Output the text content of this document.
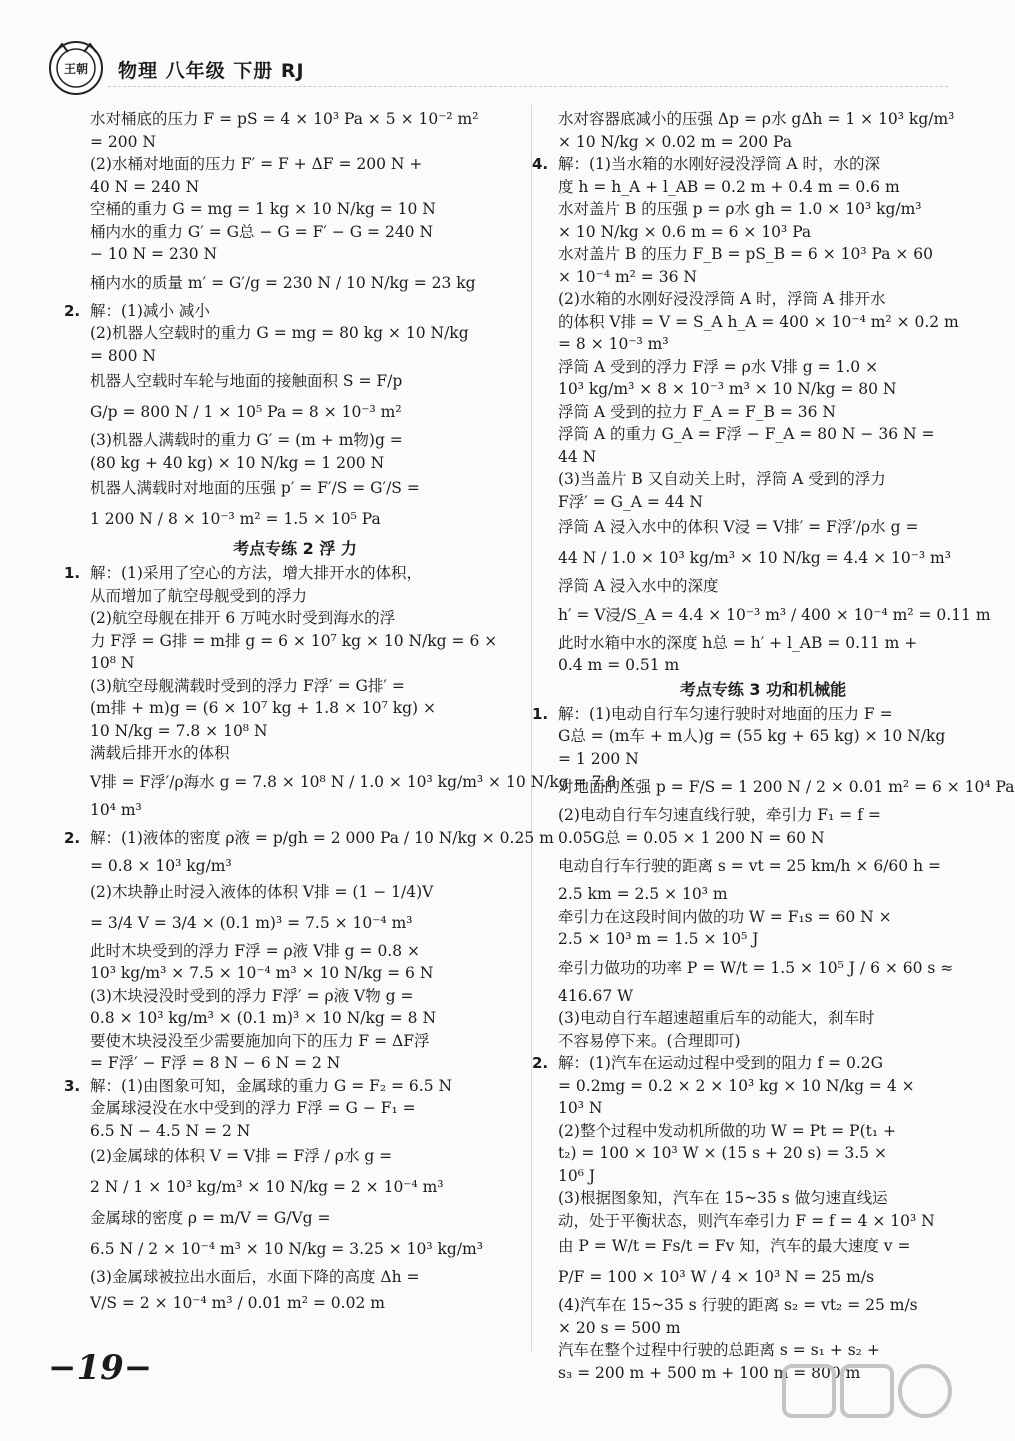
王朝 物理 八年级 下册 RJ
水对桶底的压力 F = pS = 4 × 10³ Pa × 5 × 10⁻² m²
= 200 N
(2)水桶对地面的压力 F′ = F + ΔF = 200 N +
40 N = 240 N
空桶的重力 G = mg = 1 kg × 10 N/kg = 10 N
桶内水的重力 G′ = G总 − G = F′ − G = 240 N
− 10 N = 230 N
桶内水的质量 m′ = G′/g = 230 N / 10 N/kg = 23 kg
2. 解：(1)减小 减小
(2)机器人空载时的重力 G = mg = 80 kg × 10 N/kg
= 800 N
机器人空载时车轮与地面的接触面积 S = F/p
G/p = 800 N / 1 × 10⁵ Pa = 8 × 10⁻³ m²
(3)机器人满载时的重力 G′ = (m + m物)g =
(80 kg + 40 kg) × 10 N/kg = 1 200 N
机器人满载时对地面的压强 p′ = F′/S = G′/S =
1 200 N / 8 × 10⁻³ m² = 1.5 × 10⁵ Pa
考点专练 2 浮 力
1. 解：(1)采用了空心的方法，增大排开水的体积，
从而增加了航空母舰受到的浮力
(2)航空母舰在排开 6 万吨水时受到海水的浮
力 F浮 = G排 = m排 g = 6 × 10⁷ kg × 10 N/kg = 6 ×
10⁸ N
(3)航空母舰满载时受到的浮力 F浮′ = G排′ =
(m排 + m)g = (6 × 10⁷ kg + 1.8 × 10⁷ kg) ×
10 N/kg = 7.8 × 10⁸ N
满载后排开水的体积
V排 = F浮′/ρ海水 g = 7.8 × 10⁸ N / 1.0 × 10³ kg/m³ × 10 N/kg = 7.8 ×
10⁴ m³
2. 解：(1)液体的密度 ρ液 = p/gh = 2 000 Pa / 10 N/kg × 0.25 m
= 0.8 × 10³ kg/m³
(2)木块静止时浸入液体的体积 V排 = (1 − 1/4)V
= 3/4 V = 3/4 × (0.1 m)³ = 7.5 × 10⁻⁴ m³
此时木块受到的浮力 F浮 = ρ液 V排 g = 0.8 ×
10³ kg/m³ × 7.5 × 10⁻⁴ m³ × 10 N/kg = 6 N
(3)木块浸没时受到的浮力 F浮′ = ρ液 V物 g =
0.8 × 10³ kg/m³ × (0.1 m)³ × 10 N/kg = 8 N
要使木块浸没至少需要施加向下的压力 F = ΔF浮
= F浮′ − F浮 = 8 N − 6 N = 2 N
3. 解：(1)由图象可知，金属球的重力 G = F₂ = 6.5 N
金属球浸没在水中受到的浮力 F浮 = G − F₁ =
6.5 N − 4.5 N = 2 N
(2)金属球的体积 V = V排 = F浮 / ρ水 g =
2 N / 1 × 10³ kg/m³ × 10 N/kg = 2 × 10⁻⁴ m³
金属球的密度 ρ = m/V = G/Vg =
6.5 N / 2 × 10⁻⁴ m³ × 10 N/kg = 3.25 × 10³ kg/m³
(3)金属球被拉出水面后，水面下降的高度 Δh =
V/S = 2 × 10⁻⁴ m³ / 0.01 m² = 0.02 m
水对容器底减小的压强 Δp = ρ水 gΔh = 1 × 10³ kg/m³
× 10 N/kg × 0.02 m = 200 Pa
4. 解：(1)当水箱的水刚好浸没浮筒 A 时，水的深
度 h = h_A + l_AB = 0.2 m + 0.4 m = 0.6 m
水对盖片 B 的压强 p = ρ水 gh = 1.0 × 10³ kg/m³
× 10 N/kg × 0.6 m = 6 × 10³ Pa
水对盖片 B 的压力 F_B = pS_B = 6 × 10³ Pa × 60
× 10⁻⁴ m² = 36 N
(2)水箱的水刚好浸没浮筒 A 时，浮筒 A 排开水
的体积 V排 = V = S_A h_A = 400 × 10⁻⁴ m² × 0.2 m
= 8 × 10⁻³ m³
浮筒 A 受到的浮力 F浮 = ρ水 V排 g = 1.0 ×
10³ kg/m³ × 8 × 10⁻³ m³ × 10 N/kg = 80 N
浮筒 A 受到的拉力 F_A = F_B = 36 N
浮筒 A 的重力 G_A = F浮 − F_A = 80 N − 36 N =
44 N
(3)当盖片 B 又自动关上时，浮筒 A 受到的浮力
F浮′ = G_A = 44 N
浮筒 A 浸入水中的体积 V浸 = V排′ = F浮′/ρ水 g =
44 N / 1.0 × 10³ kg/m³ × 10 N/kg = 4.4 × 10⁻³ m³
浮筒 A 浸入水中的深度
h′ = V浸/S_A = 4.4 × 10⁻³ m³ / 400 × 10⁻⁴ m² = 0.11 m
此时水箱中水的深度 h总 = h′ + l_AB = 0.11 m +
0.4 m = 0.51 m
考点专练 3 功和机械能
1. 解：(1)电动自行车匀速行驶时对地面的压力 F =
G总 = (m车 + m人)g = (55 kg + 65 kg) × 10 N/kg
= 1 200 N
对地面的压强 p = F/S = 1 200 N / 2 × 0.01 m² = 6 × 10⁴ Pa
(2)电动自行车匀速直线行驶，牵引力 F₁ = f =
0.05G总 = 0.05 × 1 200 N = 60 N
电动自行车行驶的距离 s = vt = 25 km/h × 6/60 h =
2.5 km = 2.5 × 10³ m
牵引力在这段时间内做的功 W = F₁s = 60 N ×
2.5 × 10³ m = 1.5 × 10⁵ J
牵引力做功的功率 P = W/t = 1.5 × 10⁵ J / 6 × 60 s ≈
416.67 W
(3)电动自行车超速超重后车的动能大，刹车时
不容易停下来。(合理即可)
2. 解：(1)汽车在运动过程中受到的阻力 f = 0.2G
= 0.2mg = 0.2 × 2 × 10³ kg × 10 N/kg = 4 ×
10³ N
(2)整个过程中发动机所做的功 W = Pt = P(t₁ +
t₂) = 100 × 10³ W × (15 s + 20 s) = 3.5 ×
10⁶ J
(3)根据图象知，汽车在 15~35 s 做匀速直线运
动，处于平衡状态，则汽车牵引力 F = f = 4 × 10³ N
由 P = W/t = Fs/t = Fv 知，汽车的最大速度 v =
P/F = 100 × 10³ W / 4 × 10³ N = 25 m/s
(4)汽车在 15~35 s 行驶的距离 s₂ = vt₂ = 25 m/s
× 20 s = 500 m
汽车在整个过程中行驶的总距离 s = s₁ + s₂ +
s₃ = 200 m + 500 m + 100 m = 800 m
−19−
